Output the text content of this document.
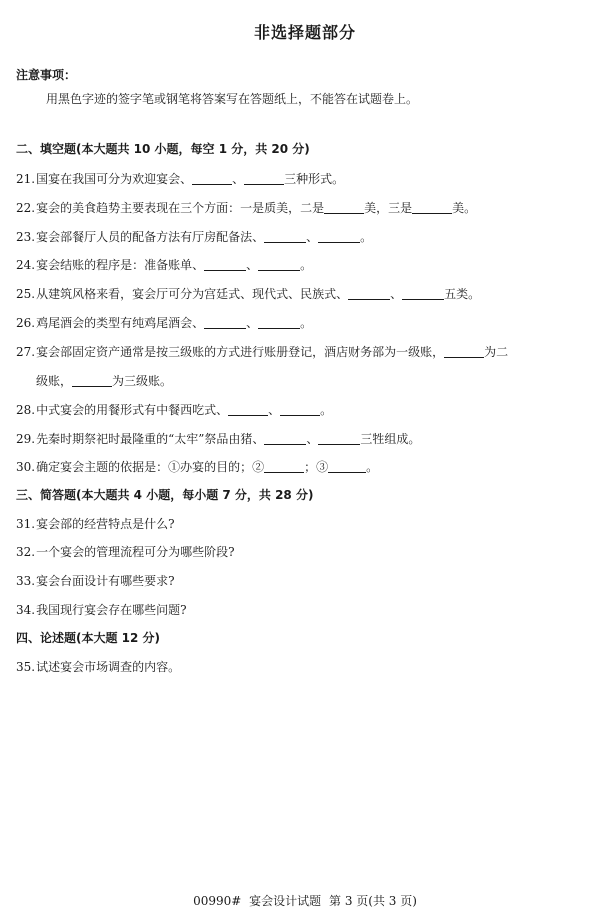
非选择题部分
注意事项：
用黑色字迹的签字笔或钢笔将答案写在答题纸上，不能答在试题卷上。
二、填空题(本大题共 10 小题，每空 1 分，共 20 分)
21.国宴在我国可分为欢迎宴会、	、	三种形式。
22.宴会的美食趋势主要表现在三个方面：一是质美，二是	美，三是	美。
23.宴会部餐厅人员的配备方法有厅房配备法、	、	。
24.宴会结账的程序是：准备账单、	、	。
25.从建筑风格来看，宴会厅可分为宫廷式、现代式、民族式、	、	五类。
26.鸡尾酒会的类型有纯鸡尾酒会、	、	。
27.宴会部固定资产通常是按三级账的方式进行账册登记，酒店财务部为一级账，	为二
级账，	为三级账。
28.中式宴会的用餐形式有中餐西吃式、	、	。
29.先秦时期祭祀时最隆重的“太牢”祭品由猪、	、	三牲组成。
30.确定宴会主题的依据是：①办宴的目的；②	；③	。
三、简答题(本大题共 4 小题，每小题 7 分，共 28 分)
31.宴会部的经营特点是什么?
32.一个宴会的管理流程可分为哪些阶段?
33.宴会台面设计有哪些要求?
34.我国现行宴会存在哪些问题?
四、论述题(本大题 12 分)
35.试述宴会市场调查的内容。
00990# 宴会设计试题 第 3 页(共 3 页)
